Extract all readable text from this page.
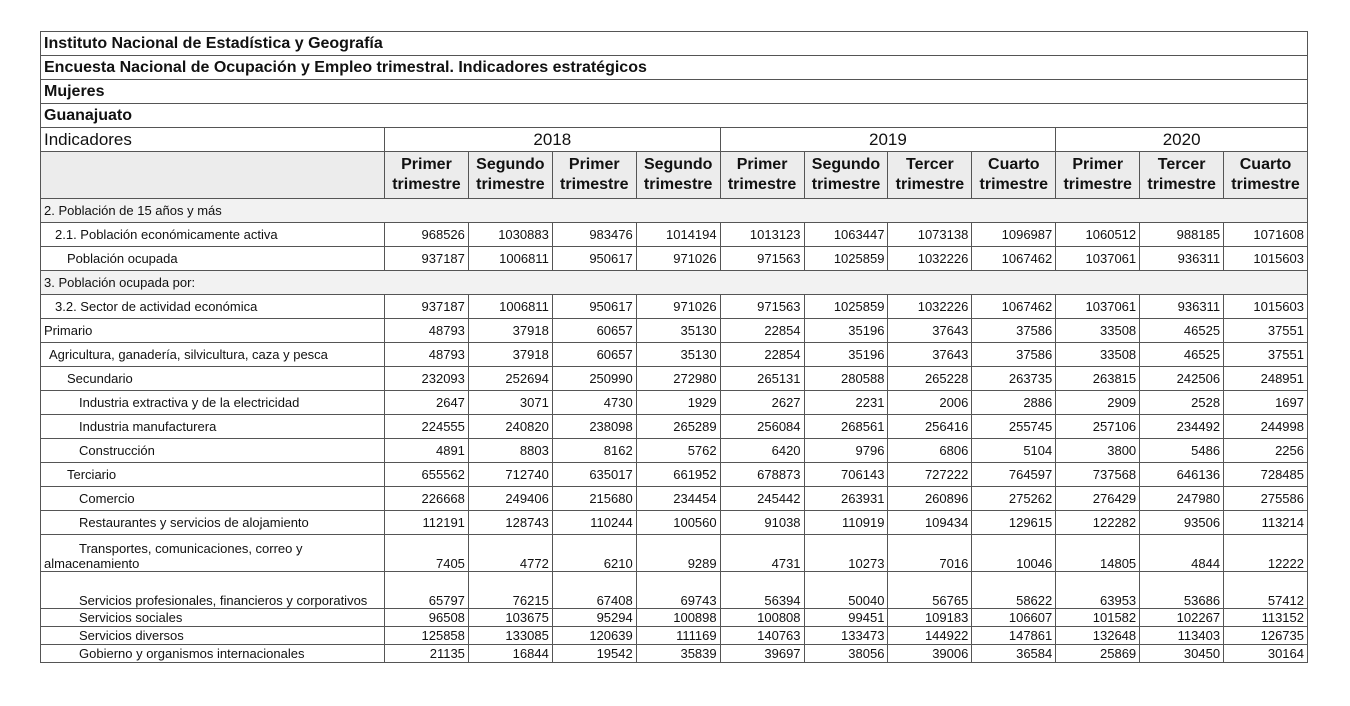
Instituto Nacional de Estadística y Geografía											
Encuesta Nacional de Ocupación y Empleo trimestral. Indicadores estratégicos											
Mujeres											
Guanajuato											
Indicadores	2018				2019				2020		
	Primer trimestre	Segundo trimestre	Primer trimestre	Segundo trimestre	Primer trimestre	Segundo trimestre	Tercer trimestre	Cuarto trimestre	Primer trimestre	Tercer trimestre	Cuarto trimestre
2. Población de 15 años y más											
2.1. Población económicamente activa	968526	1030883	983476	1014194	1013123	1063447	1073138	1096987	1060512	988185	1071608
Población ocupada	937187	1006811	950617	971026	971563	1025859	1032226	1067462	1037061	936311	1015603
3. Población ocupada por:											
3.2. Sector de actividad económica	937187	1006811	950617	971026	971563	1025859	1032226	1067462	1037061	936311	1015603
Primario	48793	37918	60657	35130	22854	35196	37643	37586	33508	46525	37551
Agricultura, ganadería, silvicultura, caza y pesca	48793	37918	60657	35130	22854	35196	37643	37586	33508	46525	37551
Secundario	232093	252694	250990	272980	265131	280588	265228	263735	263815	242506	248951
Industria extractiva y de la electricidad	2647	3071	4730	1929	2627	2231	2006	2886	2909	2528	1697
Industria manufacturera	224555	240820	238098	265289	256084	268561	256416	255745	257106	234492	244998
Construcción	4891	8803	8162	5762	6420	9796	6806	5104	3800	5486	2256
Terciario	655562	712740	635017	661952	678873	706143	727222	764597	737568	646136	728485
Comercio	226668	249406	215680	234454	245442	263931	260896	275262	276429	247980	275586
Restaurantes y servicios de alojamiento	112191	128743	110244	100560	91038	110919	109434	129615	122282	93506	113214
Transportes, comunicaciones, correo y almacenamiento	7405	4772	6210	9289	4731	10273	7016	10046	14805	4844	12222
Servicios profesionales, financieros y corporativos	65797	76215	67408	69743	56394	50040	56765	58622	63953	53686	57412
Servicios sociales	96508	103675	95294	100898	100808	99451	109183	106607	101582	102267	113152
Servicios diversos	125858	133085	120639	111169	140763	133473	144922	147861	132648	113403	126735
Gobierno y organismos internacionales	21135	16844	19542	35839	39697	38056	39006	36584	25869	30450	30164
